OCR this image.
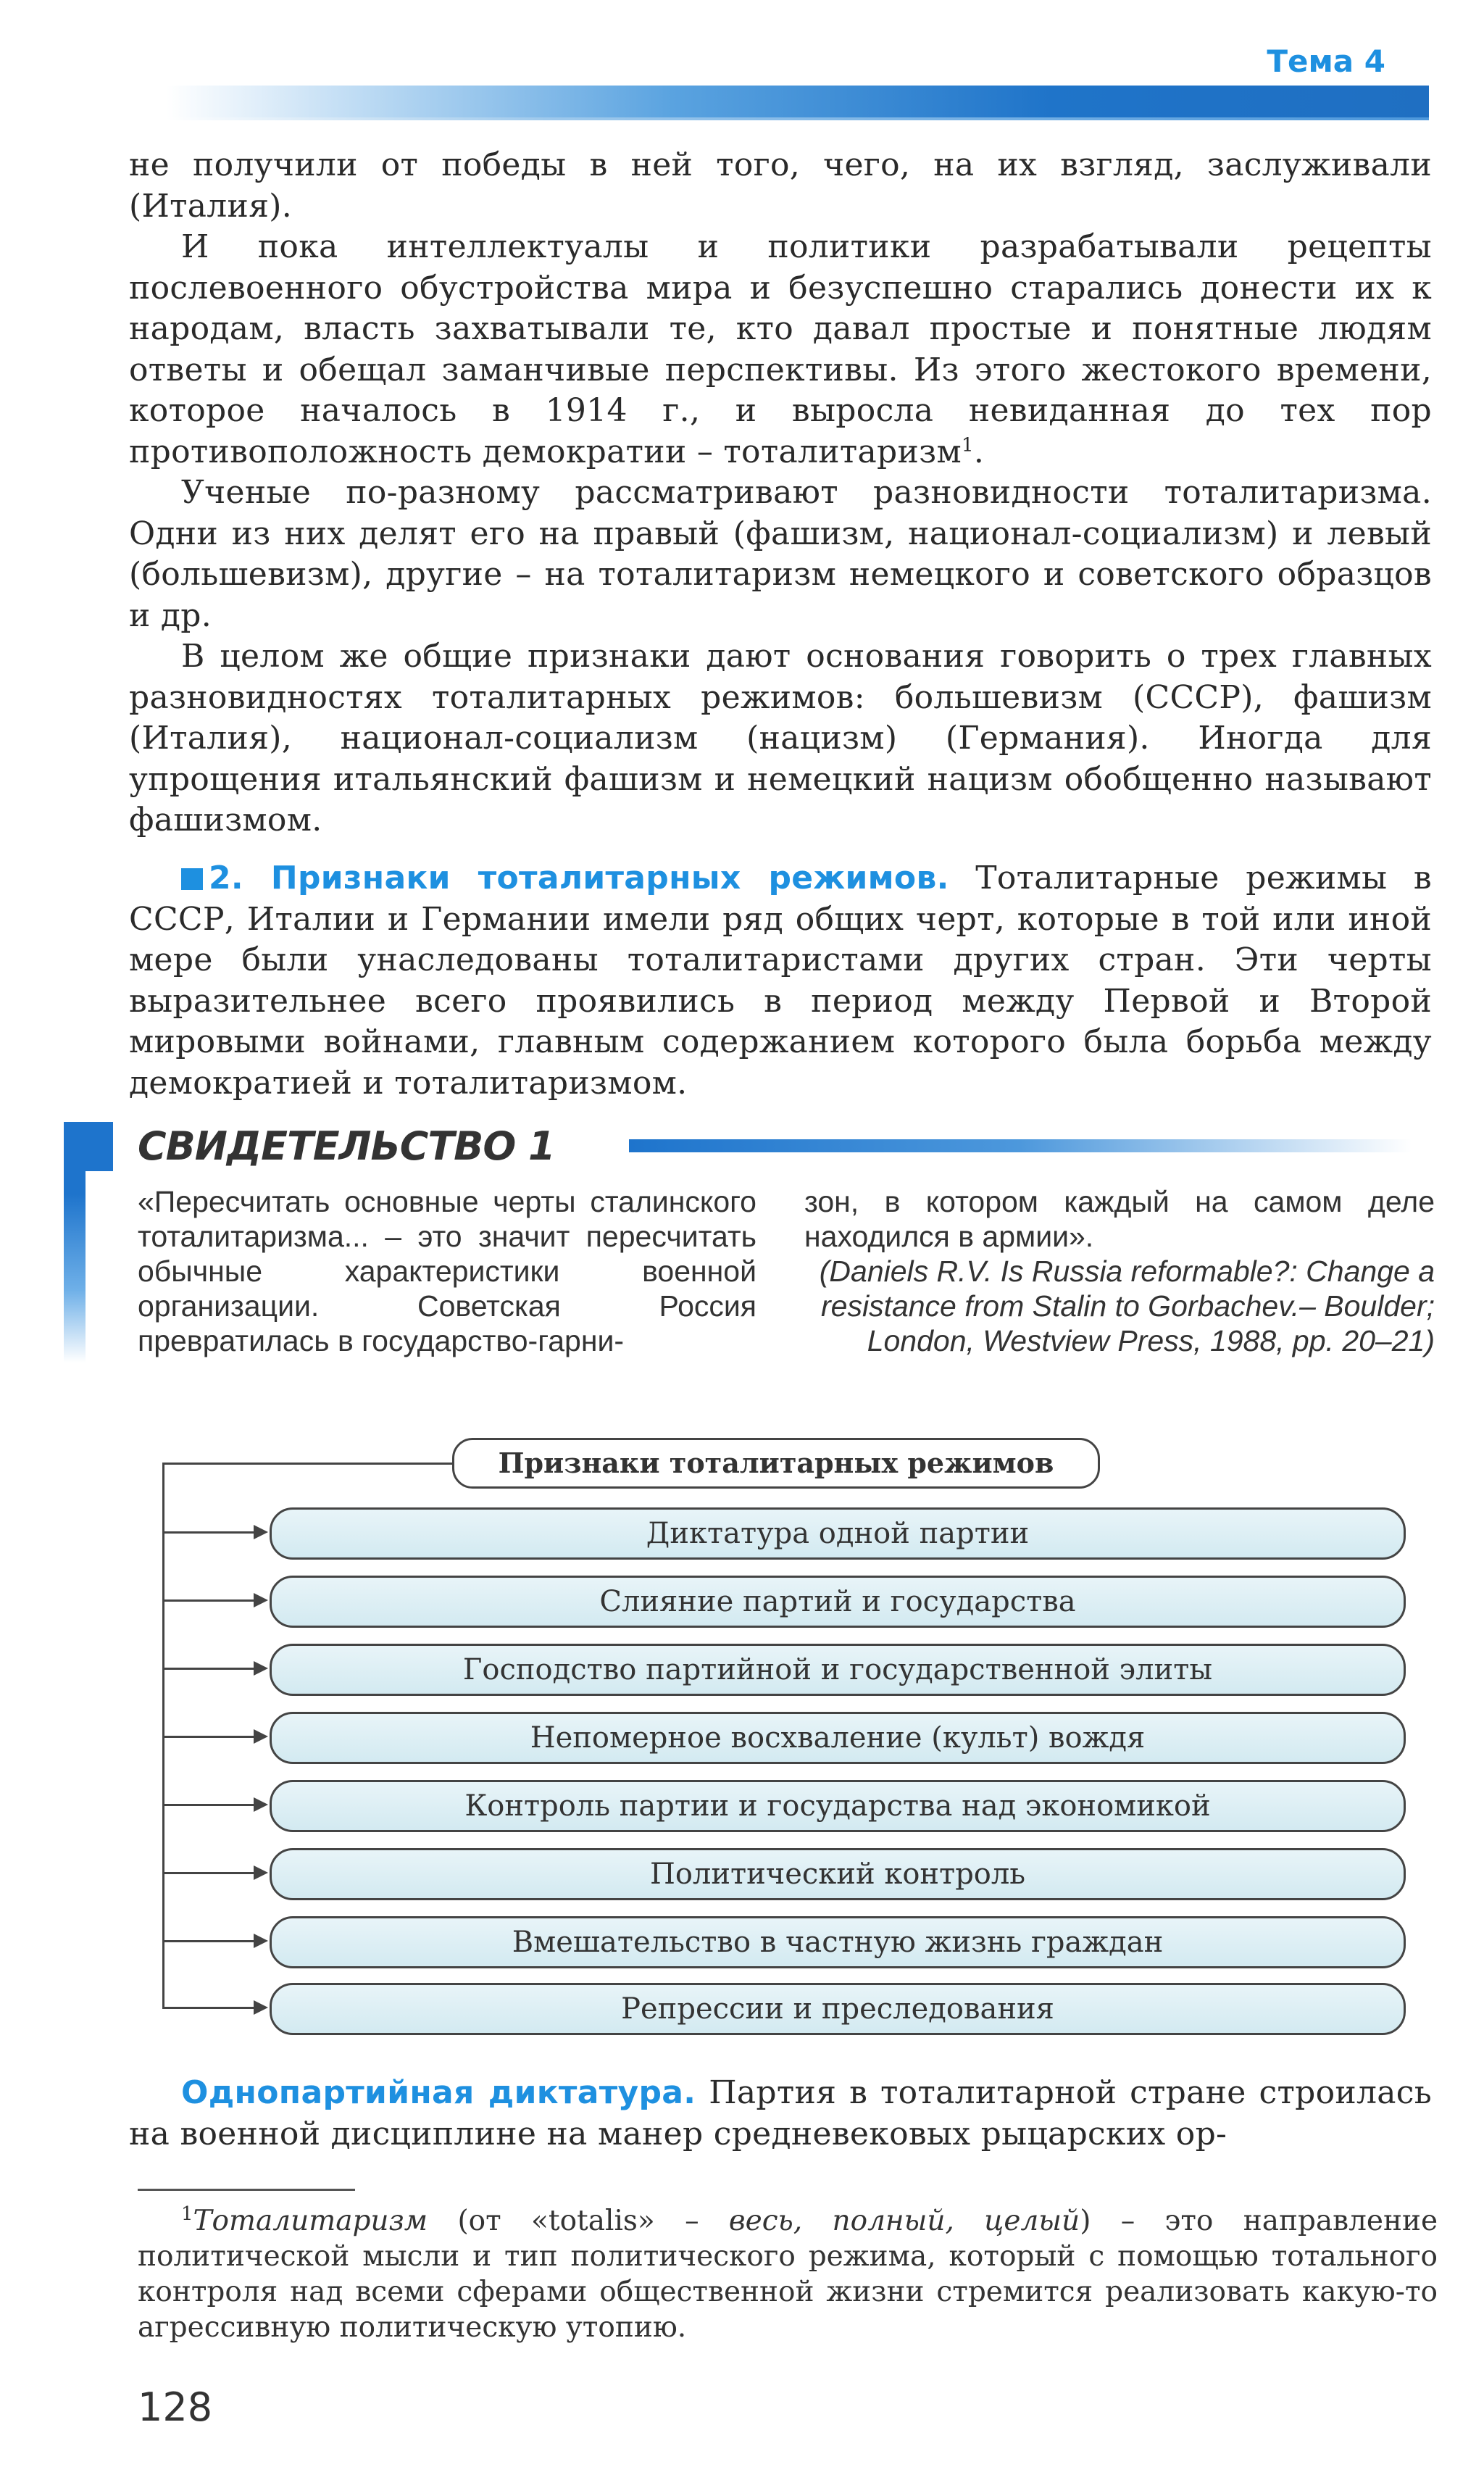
Тема 4

не получили от победы в ней того, чего, на их взгляд, заслуживали (Италия).

И пока интеллектуалы и политики разрабатывали рецепты послевоенного обустройства мира и безуспешно старались донести их к народам, власть захватывали те, кто давал простые и понятные людям ответы и обещал заманчивые перспективы. Из этого жестокого времени, которое началось в 1914 г., и выросла невиданная до тех пор противоположность демократии – тоталитаризм$^1$.

Ученые по-разному рассматривают разновидности тоталитаризма. Одни из них делят его на правый (фашизм, национал-социализм) и левый (большевизм), другие – на тоталитаризм немецкого и советского образцов и др.

В целом же общие признаки дают основания говорить о трех главных разновидностях тоталитарных режимов: большевизм (СССР), фашизм (Италия), национал-социализм (нацизм) (Германия). Иногда для упрощения итальянский фашизм и немецкий нацизм обобщенно называют фашизмом.

2. Признаки тоталитарных режимов. Тоталитарные режимы в СССР, Италии и Германии имели ряд общих черт, которые в той или иной мере были унаследованы тоталитаристами других стран. Эти черты выразительнее всего проявились в период между Первой и Второй мировыми войнами, главным содержанием которого была борьба между демократией и тоталитаризмом.

СВИДЕТЕЛЬСТВО 1
«Пересчитать основные черты сталинского тоталитаризма... – это значит пересчитать обычные характеристики военной организации. Советская Россия превратилась в государство-гарни-
зон, в котором каждый на самом деле находился в армии».
(Daniels R.V. Is Russia reformable?: Change a resistance from Stalin to Gorbachev.– Boulder; London, Westview Press, 1988, pp. 20–21)
Признаки тоталитарных режимов
Диктатура одной партии
Слияние партий и государства
Господство партийной и государственной элиты
Непомерное восхваление (культ) вождя
Контроль партии и государства над экономикой
Политический контроль
Вмешательство в частную жизнь граждан
Репрессии и преследования

Однопартийная диктатура. Партия в тоталитарной стране строилась на военной дисциплине на манер средневековых рыцарских ор-

$^1$Тоталитаризм (от «totalis» – весь, полный, целый) – это направление политической мысли и тип политического режима, который с помощью тотального контроля над всеми сферами общественной жизни стремится реализовать какую-то агрессивную политическую утопию.

128
